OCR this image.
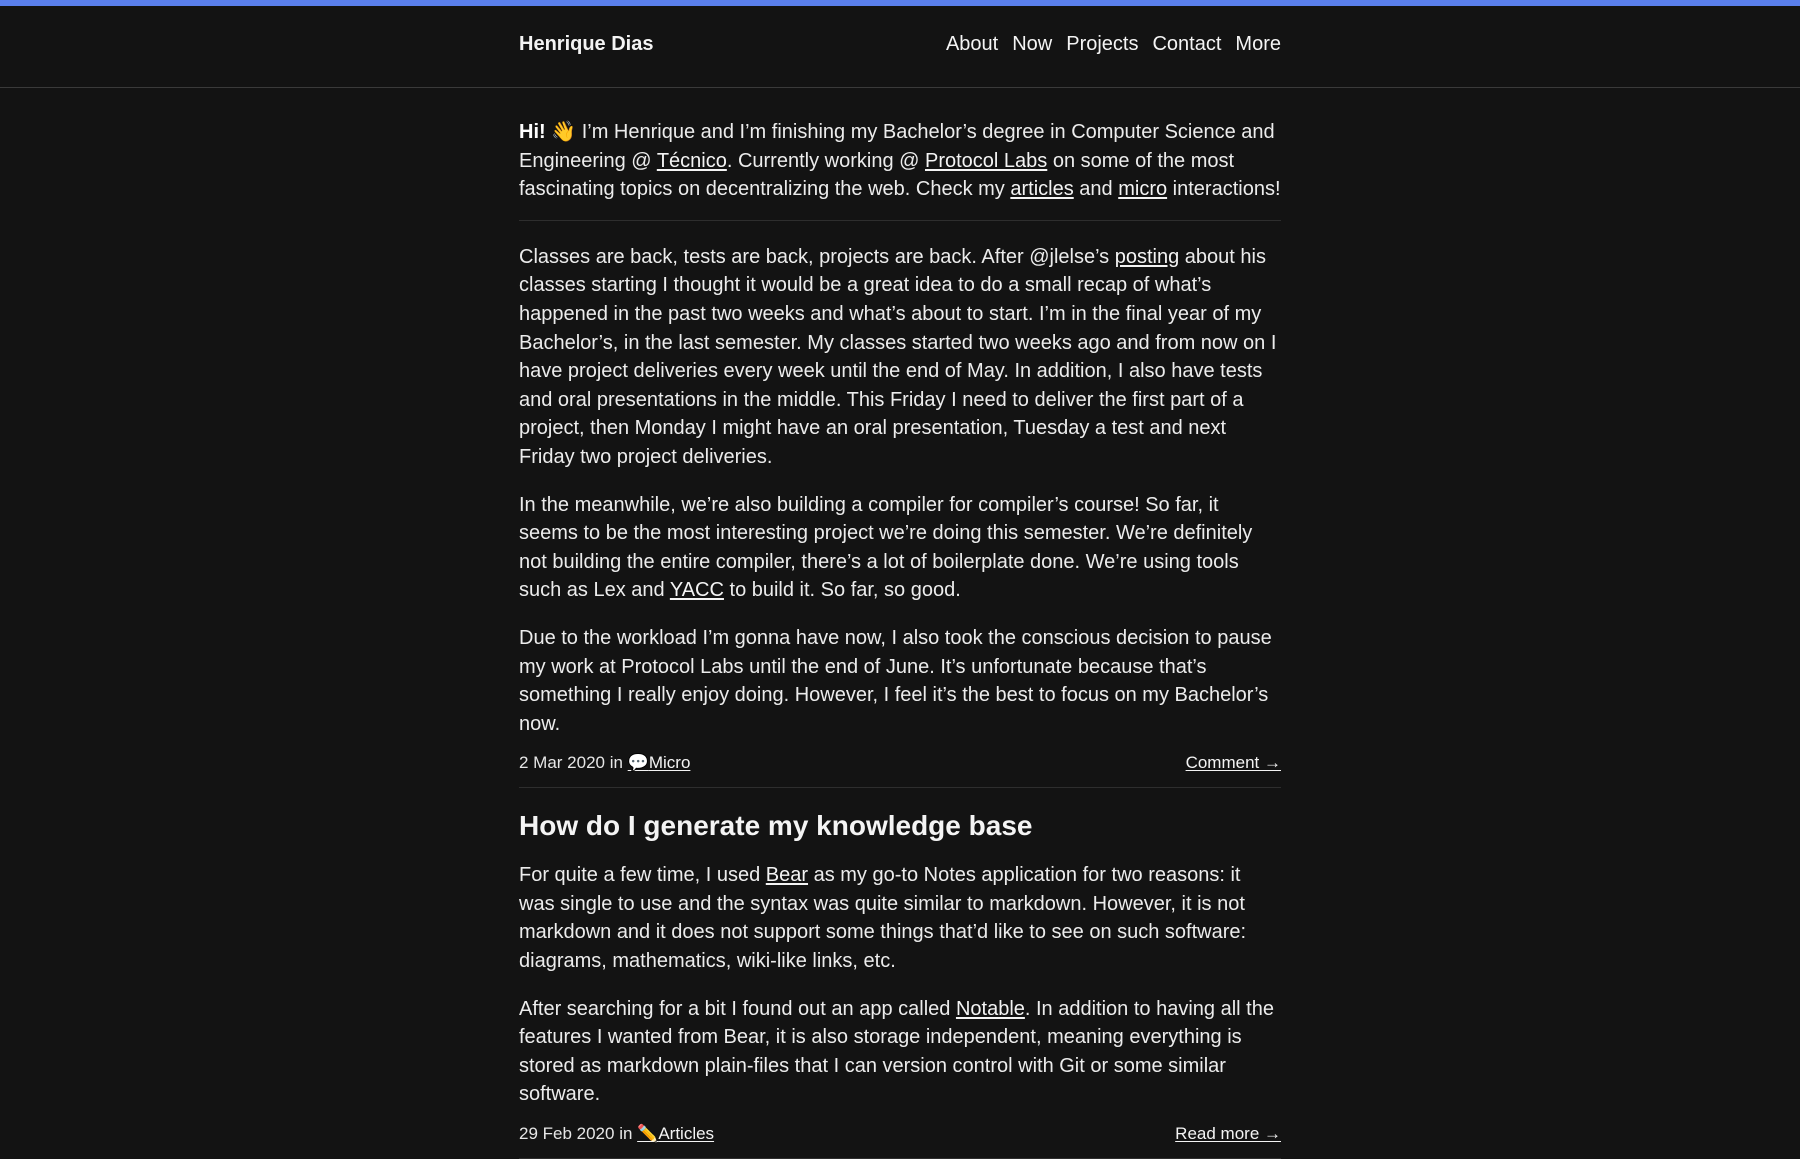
Henrique Dias	About Now Projects Contact More

Hi! 👋 I’m Henrique and I’m finishing my Bachelor’s degree in Computer Science and Engineering @ Técnico. Currently working @ Protocol Labs on some of the most fascinating topics on decentralizing the web. Check my articles and micro interactions!

Classes are back, tests are back, projects are back. After @jlelse’s posting about his classes starting I thought it would be a great idea to do a small recap of what’s happened in the past two weeks and what’s about to start. I’m in the final year of my Bachelor’s, in the last semester. My classes started two weeks ago and from now on I have project deliveries every week until the end of May. In addition, I also have tests and oral presentations in the middle. This Friday I need to deliver the first part of a project, then Monday I might have an oral presentation, Tuesday a test and next Friday two project deliveries.

In the meanwhile, we’re also building a compiler for compiler’s course! So far, it seems to be the most interesting project we’re doing this semester. We’re definitely not building the entire compiler, there’s a lot of boilerplate done. We’re using tools such as Lex and YACC to build it. So far, so good.

Due to the workload I’m gonna have now, I also took the conscious decision to pause my work at Protocol Labs until the end of June. It’s unfortunate because that’s something I really enjoy doing. However, I feel it’s the best to focus on my Bachelor’s now.

2 Mar 2020 in 💬Micro	Comment →
How do I generate my knowledge base

For quite a few time, I used Bear as my go-to Notes application for two reasons: it was single to use and the syntax was quite similar to markdown. However, it is not markdown and it does not support some things that’d like to see on such software: diagrams, mathematics, wiki-like links, etc.

After searching for a bit I found out an app called Notable. In addition to having all the features I wanted from Bear, it is also storage independent, meaning everything is stored as markdown plain-files that I can version control with Git or some similar software.

29 Feb 2020 in ✏️Articles	Read more →
